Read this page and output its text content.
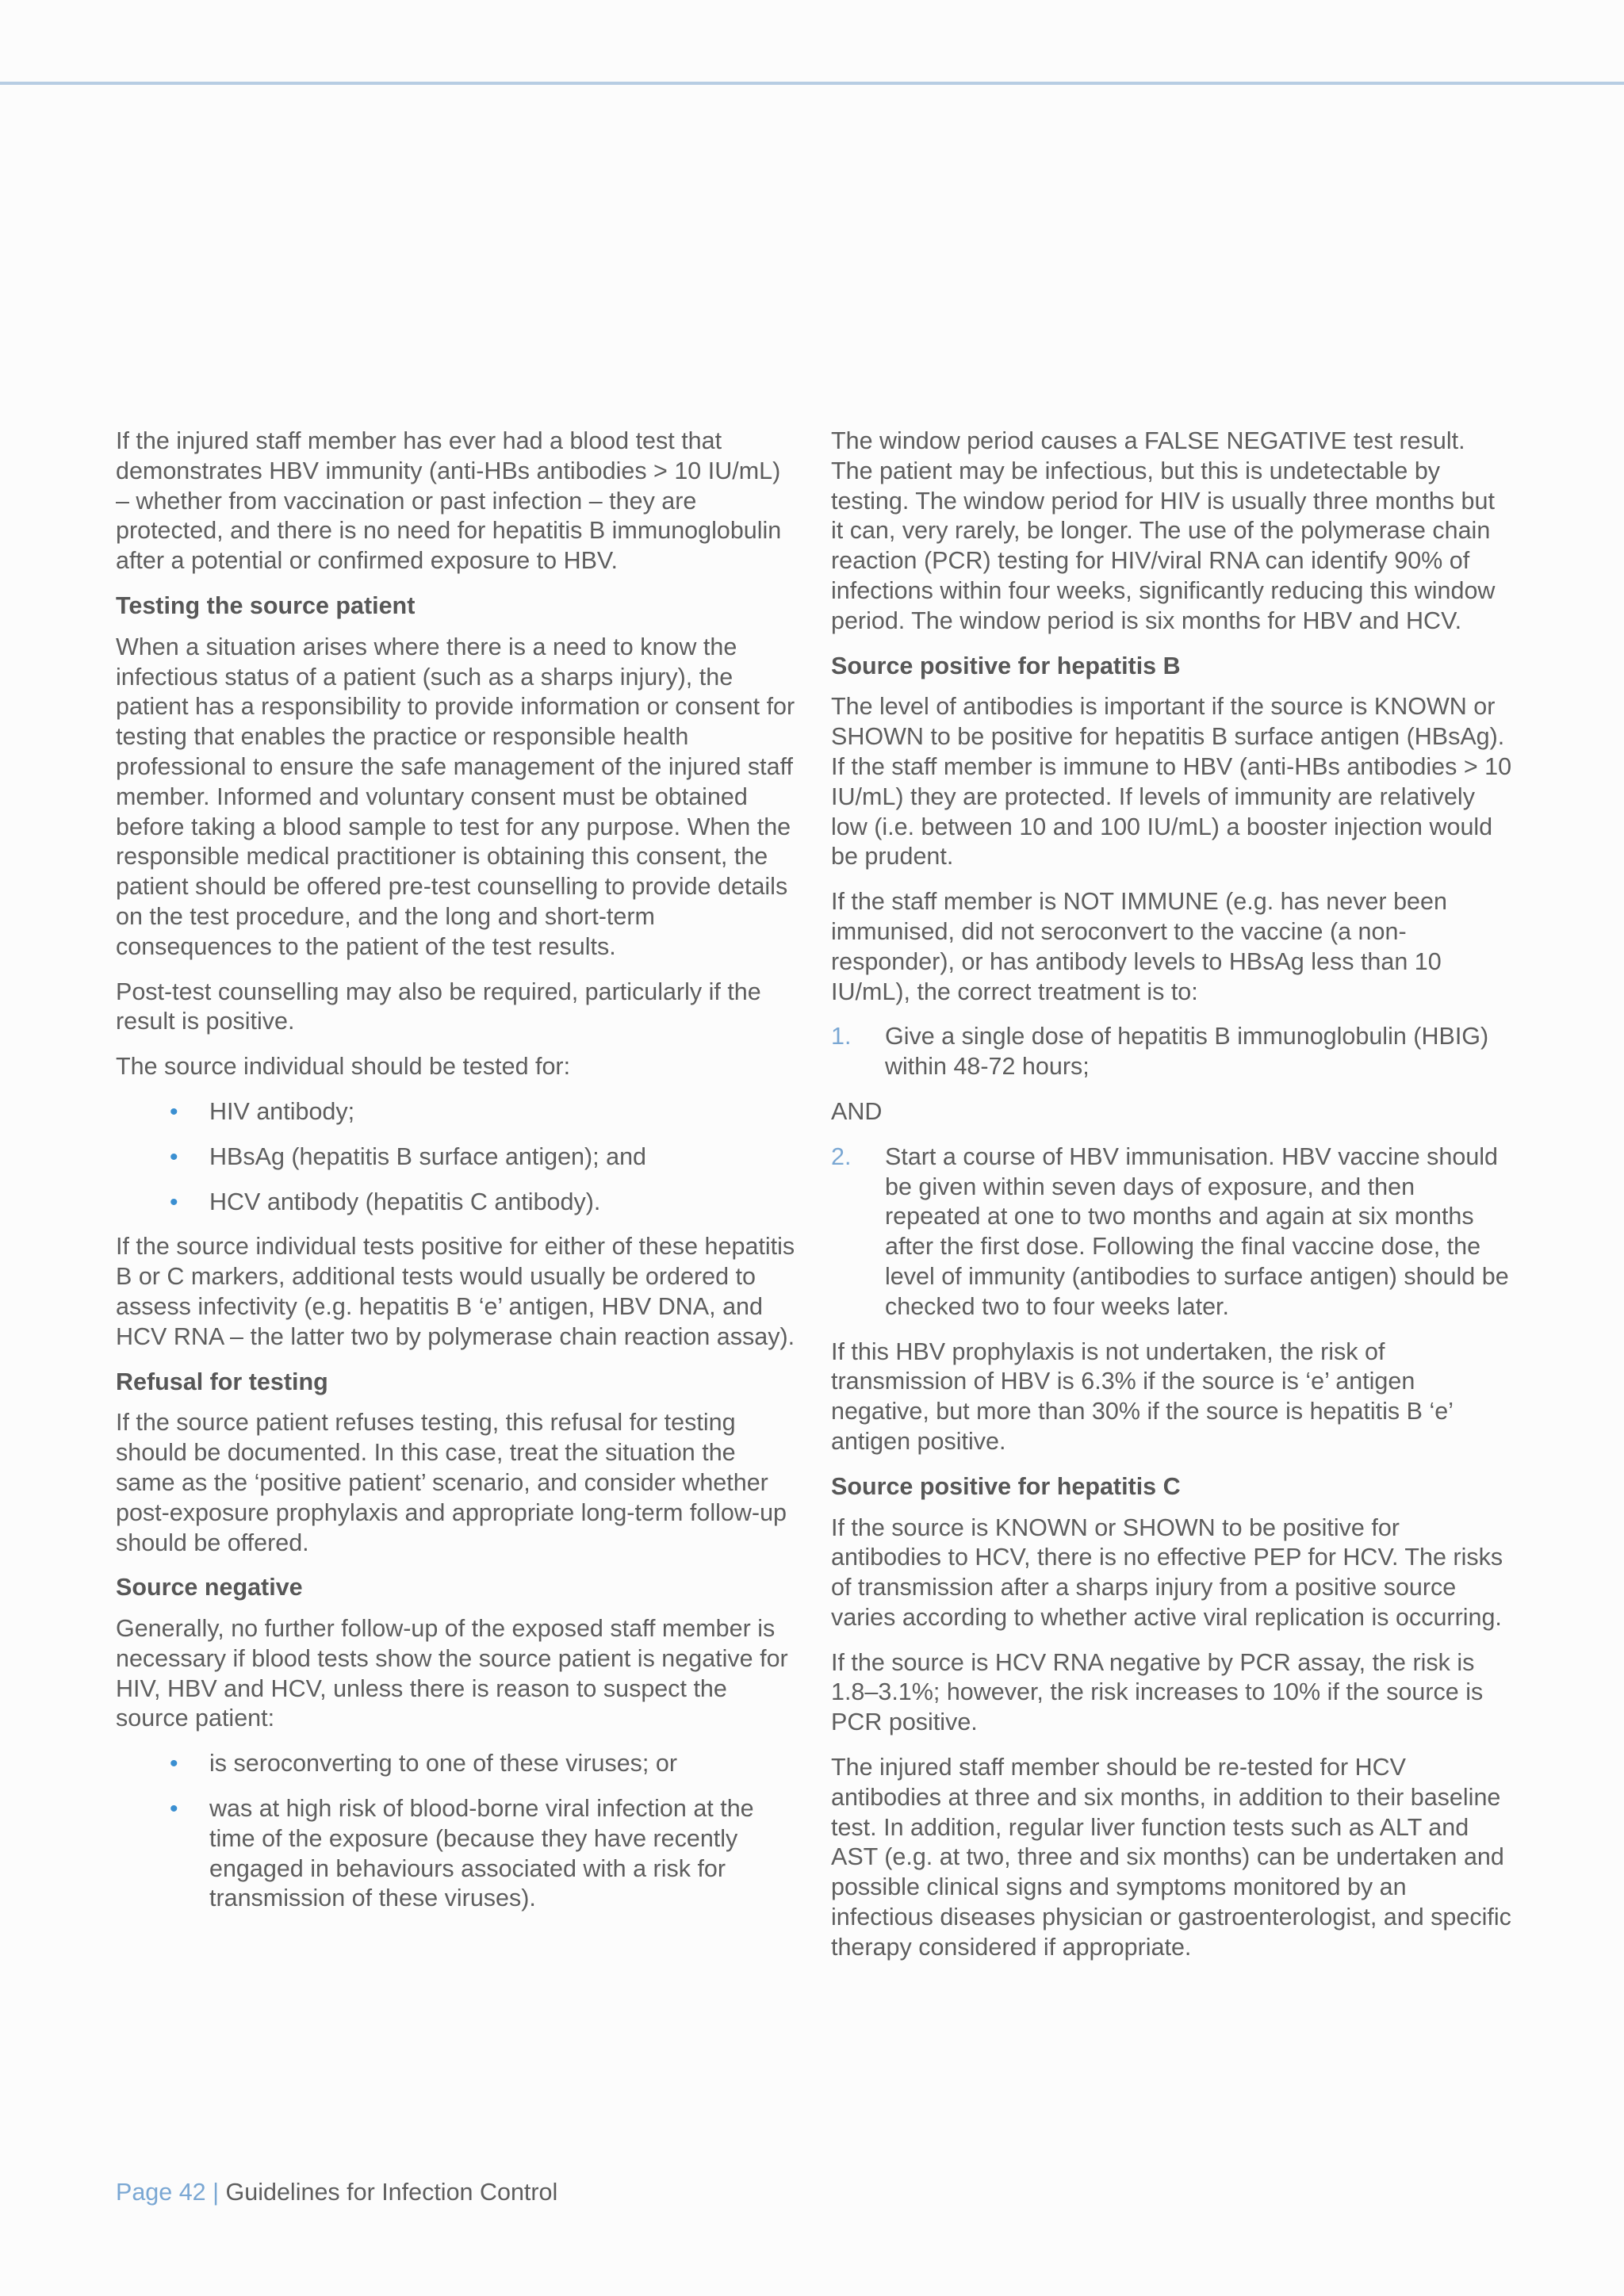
If the injured staff member has ever had a blood test that demonstrates HBV immunity (anti-HBs antibodies > 10 IU/mL) – whether from vaccination or past infection – they are protected, and there is no need for hepatitis B immunoglobulin after a potential or confirmed exposure to HBV.

Testing the source patient

When a situation arises where there is a need to know the infectious status of a patient (such as a sharps injury), the patient has a responsibility to provide information or consent for testing that enables the practice or responsible health professional to ensure the safe management of the injured staff member. Informed and voluntary consent must be obtained before taking a blood sample to test for any purpose. When the responsible medical practitioner is obtaining this consent, the patient should be offered pre-test counselling to provide details on the test procedure, and the long and short-term consequences to the patient of the test results.

Post-test counselling may also be required, particularly if the result is positive.

The source individual should be tested for:

• HIV antibody;
• HBsAg (hepatitis B surface antigen); and
• HCV antibody (hepatitis C antibody).

If the source individual tests positive for either of these hepatitis B or C markers, additional tests would usually be ordered to assess infectivity (e.g. hepatitis B ‘e’ antigen, HBV DNA, and HCV RNA – the latter two by polymerase chain reaction assay).

Refusal for testing

If the source patient refuses testing, this refusal for testing should be documented. In this case, treat the situation the same as the ‘positive patient’ scenario, and consider whether post-exposure prophylaxis and appropriate long-term follow-up should be offered.

Source negative

Generally, no further follow-up of the exposed staff member is necessary if blood tests show the source patient is negative for HIV, HBV and HCV, unless there is reason to suspect the source patient:

• is seroconverting to one of these viruses; or
• was at high risk of blood-borne viral infection at the time of the exposure (because they have recently engaged in behaviours associated with a risk for transmission of these viruses).

The window period causes a FALSE NEGATIVE test result. The patient may be infectious, but this is undetectable by testing. The window period for HIV is usually three months but it can, very rarely, be longer. The use of the polymerase chain reaction (PCR) testing for HIV/viral RNA can identify 90% of infections within four weeks, significantly reducing this window period. The window period is six months for HBV and HCV.

Source positive for hepatitis B

The level of antibodies is important if the source is KNOWN or SHOWN to be positive for hepatitis B surface antigen (HBsAg). If the staff member is immune to HBV (anti-HBs antibodies > 10 IU/mL) they are protected. If levels of immunity are relatively low (i.e. between 10 and 100 IU/mL) a booster injection would be prudent.

If the staff member is NOT IMMUNE (e.g. has never been immunised, did not seroconvert to the vaccine (a non-responder), or has antibody levels to HBsAg less than 10 IU/mL), the correct treatment is to:

1. Give a single dose of hepatitis B immunoglobulin (HBIG) within 48-72 hours;

AND

2. Start a course of HBV immunisation. HBV vaccine should be given within seven days of exposure, and then repeated at one to two months and again at six months after the first dose. Following the final vaccine dose, the level of immunity (antibodies to surface antigen) should be checked two to four weeks later.

If this HBV prophylaxis is not undertaken, the risk of transmission of HBV is 6.3% if the source is ‘e’ antigen negative, but more than 30% if the source is hepatitis B ‘e’ antigen positive.

Source positive for hepatitis C

If the source is KNOWN or SHOWN to be positive for antibodies to HCV, there is no effective PEP for HCV. The risks of transmission after a sharps injury from a positive source varies according to whether active viral replication is occurring.

If the source is HCV RNA negative by PCR assay, the risk is 1.8–3.1%; however, the risk increases to 10% if the source is PCR positive.

The injured staff member should be re-tested for HCV antibodies at three and six months, in addition to their baseline test. In addition, regular liver function tests such as ALT and AST (e.g. at two, three and six months) can be undertaken and possible clinical signs and symptoms monitored by an infectious diseases physician or gastroenterologist, and specific therapy considered if appropriate.

Page 42 | Guidelines for Infection Control
